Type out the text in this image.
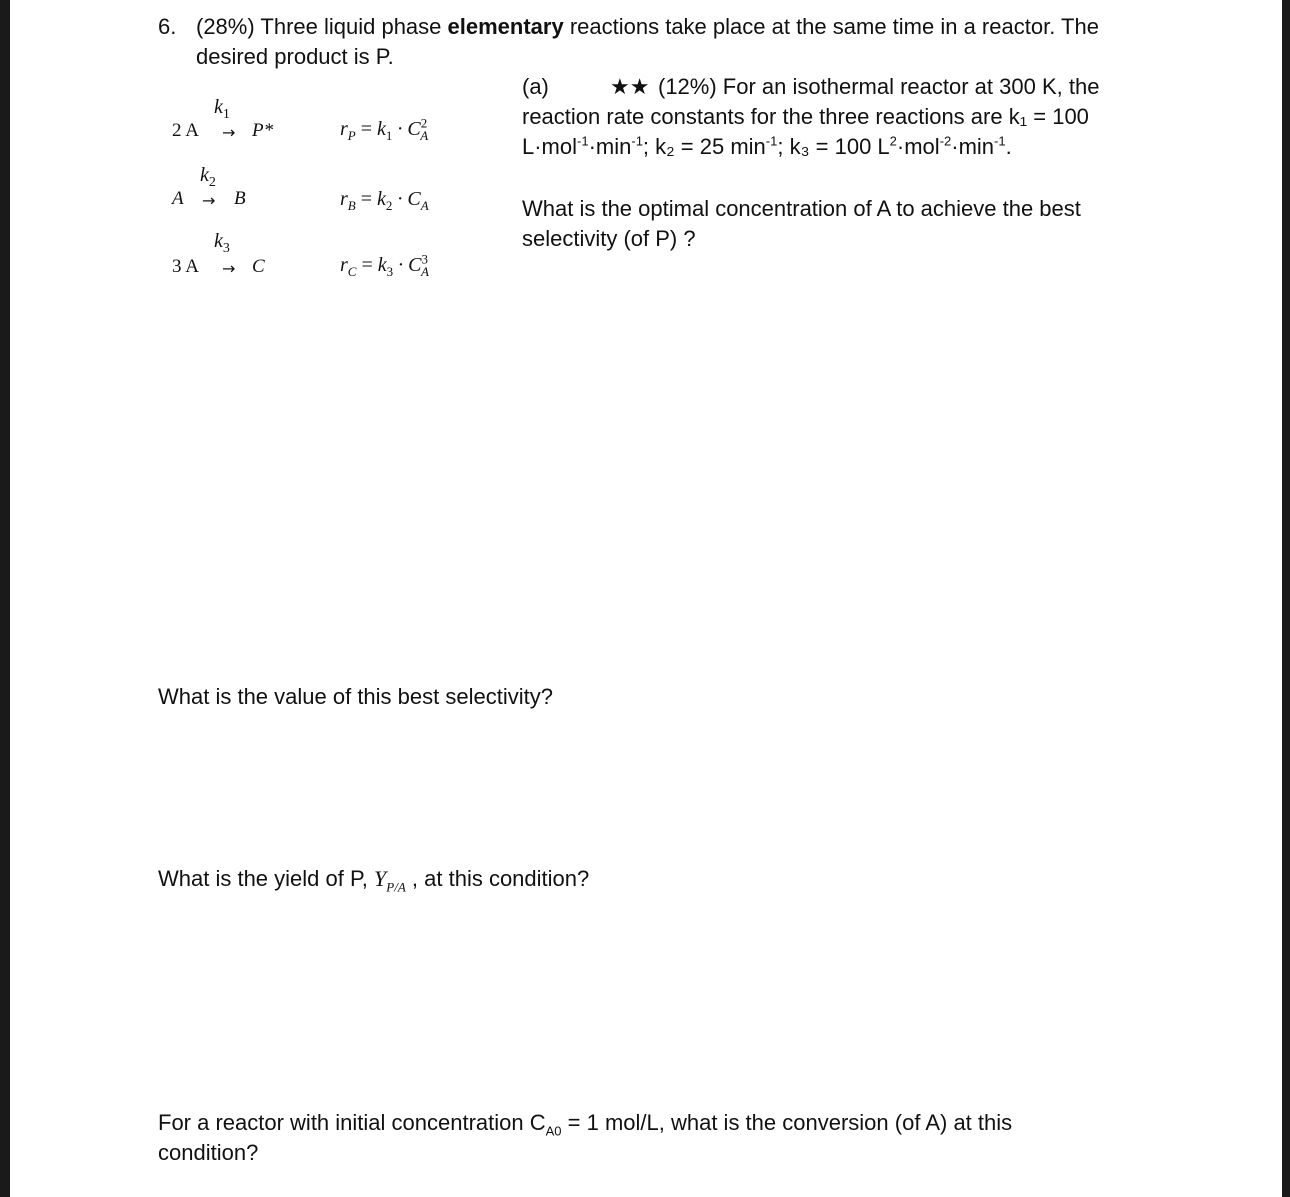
6. (28%) Three liquid phase elementary reactions take place at the same time in a reactor. The
desired product is P.
$k_1$
2 A → P*	$r_P = k_1 \cdot C^2_A$
$k_2$
A → B	$r_B = k_2 \cdot C_A$
$k_3$
3 A → C	$r_C = k_3 \cdot C^3_A$
(a)	★★ (12%) For an isothermal reactor at 300 K, the
reaction rate constants for the three reactions are k₁ = 100
$L\cdot mol^{-1}\cdot\min^{-1}$; k₂ = 25 $\min^{-1}$; k₃ = 100 $L^2\cdot mol^{-2}\cdot\min^{-1}$.
What is the optimal concentration of A to achieve the best
selectivity (of P) ?
What is the value of this best selectivity?
What is the yield of P, $Y_{P/A}$ , at this condition?
For a reactor with initial concentration $C_{A0} = 1$ mol/L, what is the conversion (of A) at this
condition?
